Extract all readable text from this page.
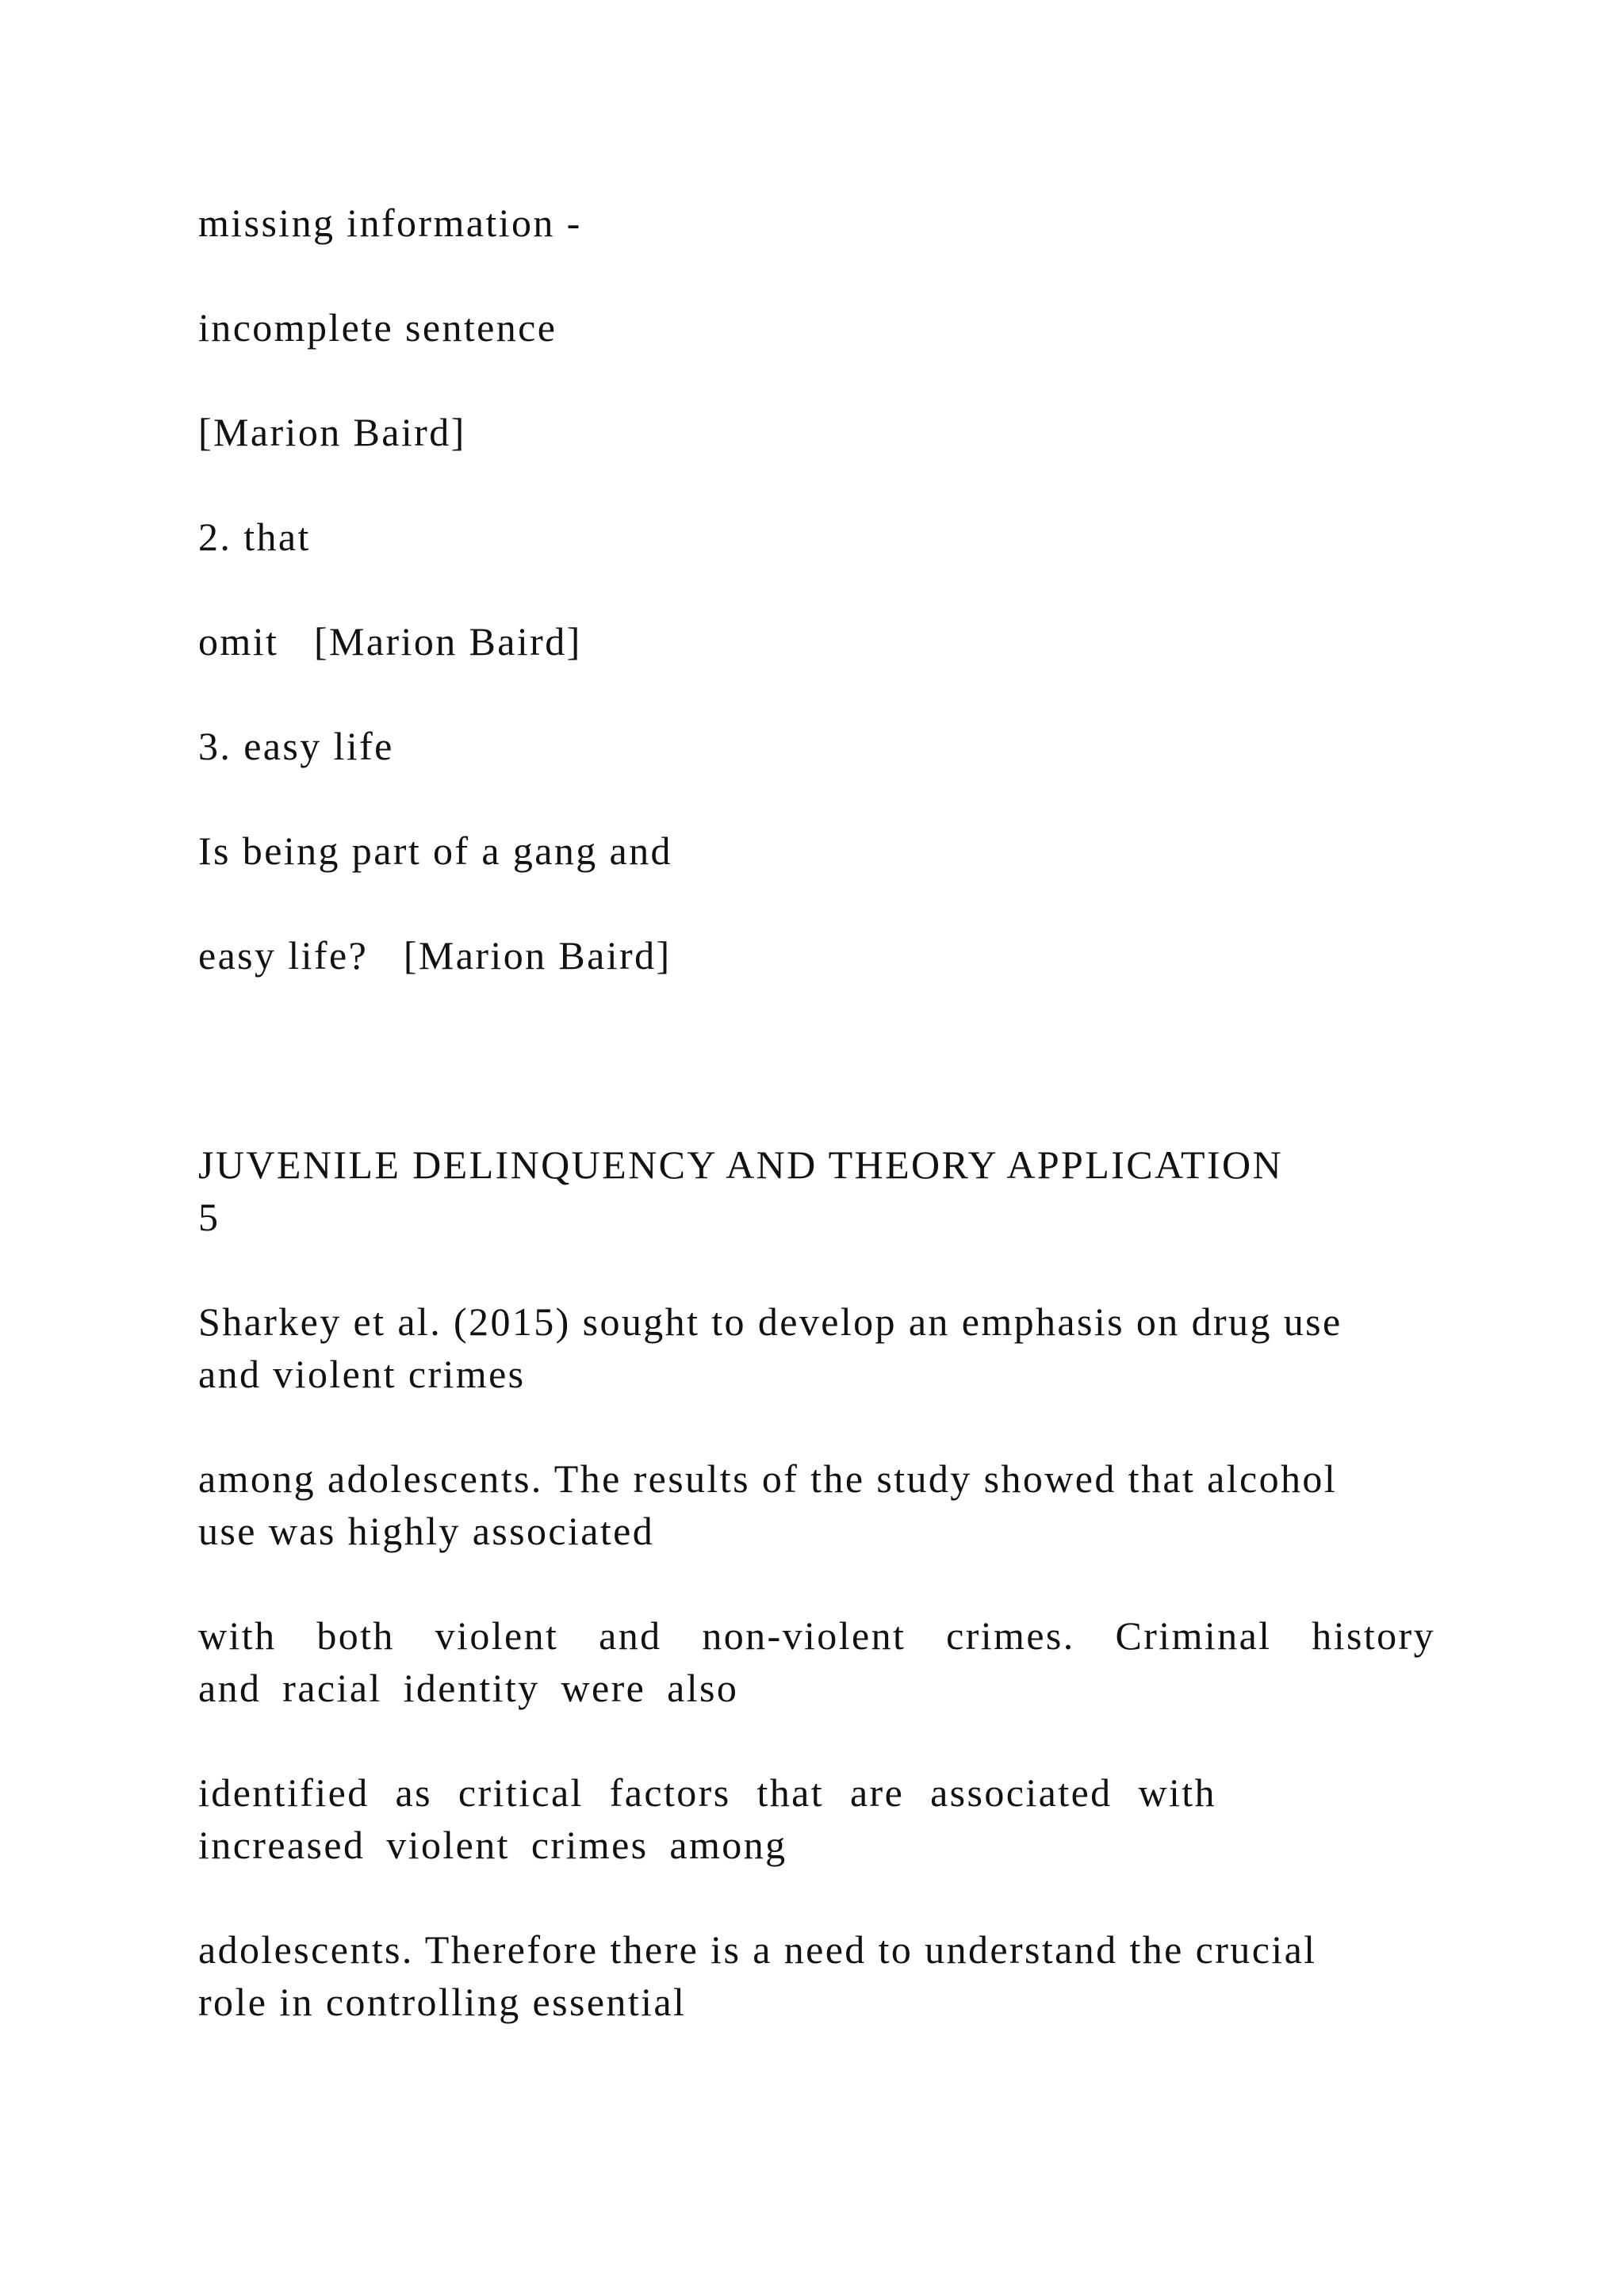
missing information -

incomplete sentence

[Marion Baird]

2. that

omit   [Marion Baird]

3. easy life

Is being part of a gang and

easy life?   [Marion Baird]

JUVENILE DELINQUENCY AND THEORY APPLICATION
5
Sharkey et al. (2015) sought to develop an emphasis on drug use
and violent crimes
among adolescents. The results of the study showed that alcohol
use was highly associated
with both violent and non-violent crimes. Criminal history
and racial identity were also
identified as critical factors that are associated with
increased violent crimes among
adolescents. Therefore there is a need to understand the crucial
role in controlling essential
